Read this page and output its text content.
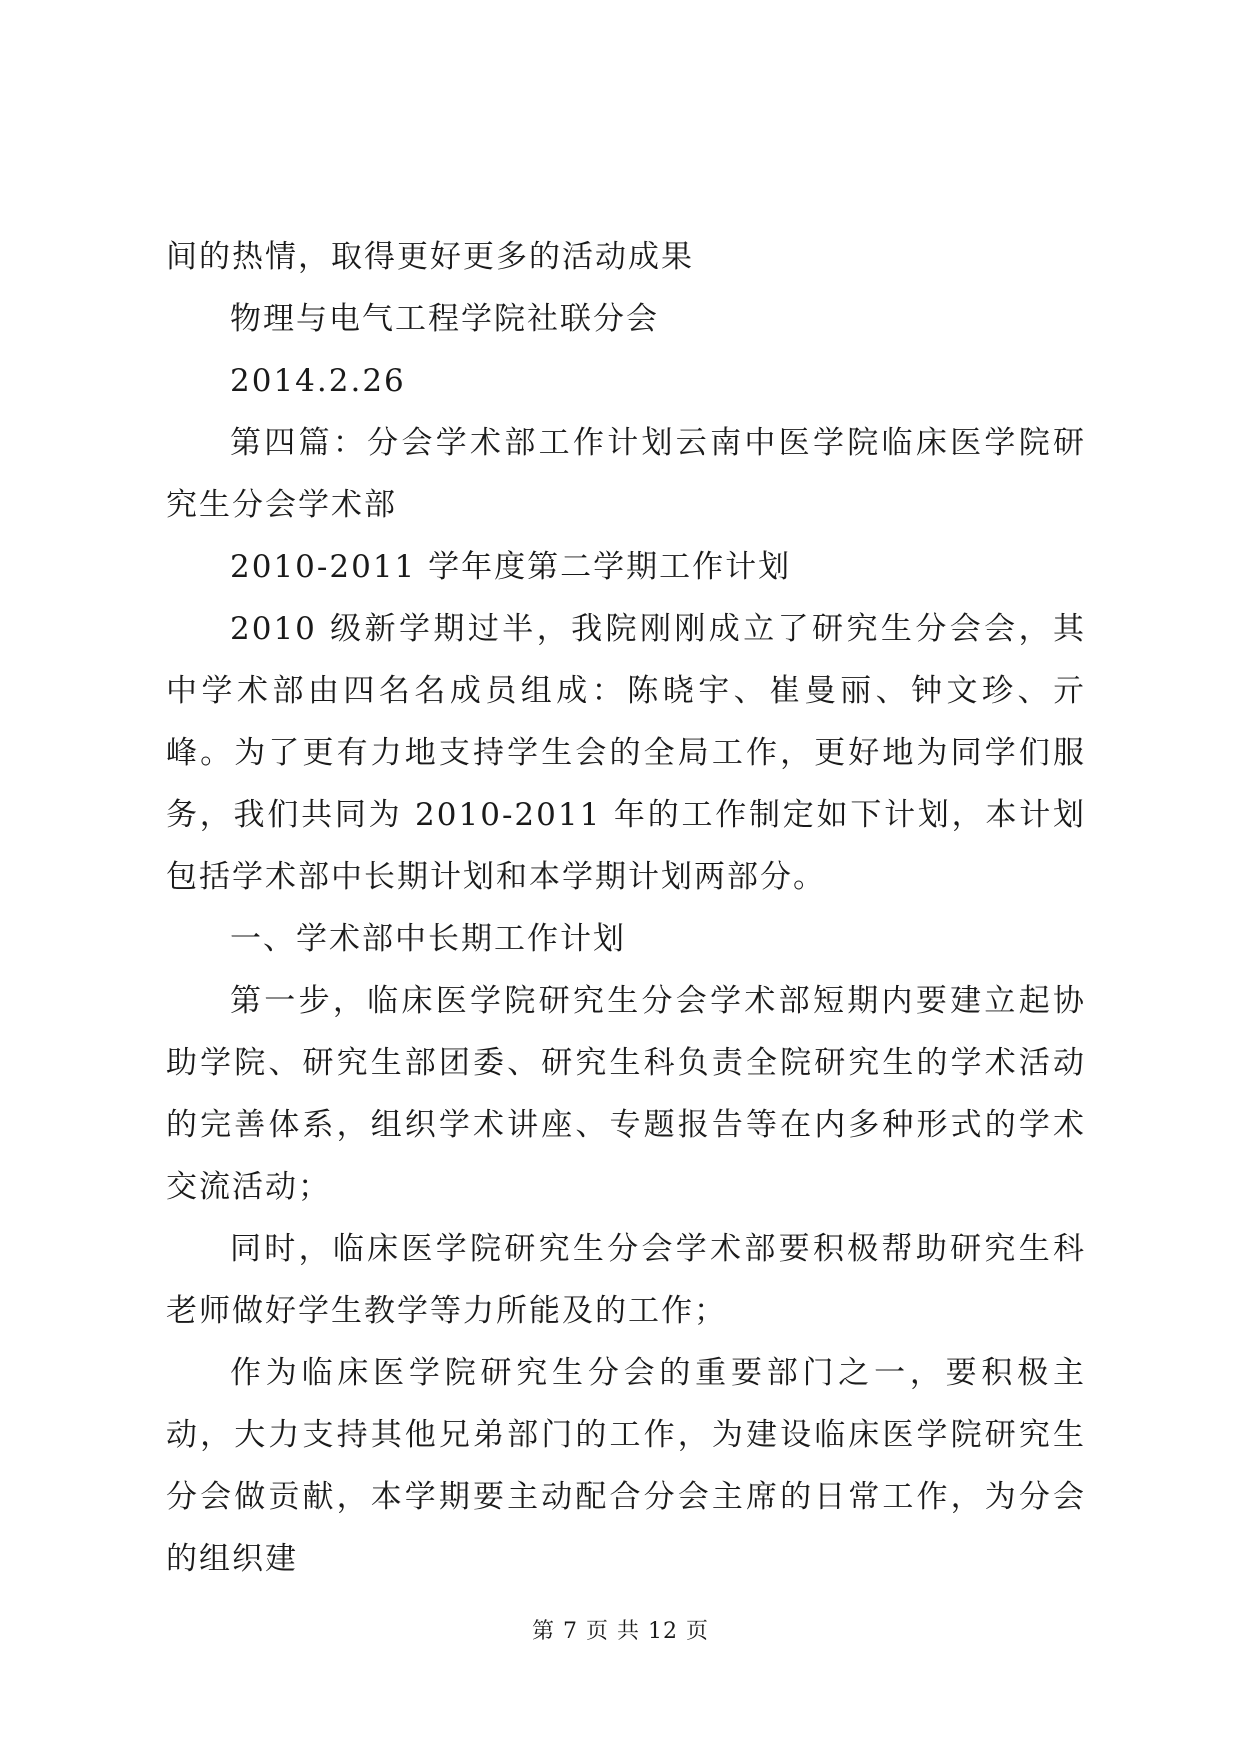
间的热情，取得更好更多的活动成果

物理与电气工程学院社联分会

2014.2.26

第四篇：分会学术部工作计划云南中医学院临床医学院研究生分会学术部

2010-2011 学年度第二学期工作计划

2010 级新学期过半，我院刚刚成立了研究生分会会，其中学术部由四名名成员组成：陈晓宇、崔曼丽、钟文珍、亓峰。为了更有力地支持学生会的全局工作，更好地为同学们服务，我们共同为 2010-2011 年的工作制定如下计划，本计划包括学术部中长期计划和本学期计划两部分。

一、学术部中长期工作计划

第一步，临床医学院研究生分会学术部短期内要建立起协助学院、研究生部团委、研究生科负责全院研究生的学术活动的完善体系，组织学术讲座、专题报告等在内多种形式的学术交流活动；

同时，临床医学院研究生分会学术部要积极帮助研究生科老师做好学生教学等力所能及的工作；

作为临床医学院研究生分会的重要部门之一，要积极主动，大力支持其他兄弟部门的工作，为建设临床医学院研究生分会做贡献，本学期要主动配合分会主席的日常工作，为分会的组织建

第 7 页 共 12 页
